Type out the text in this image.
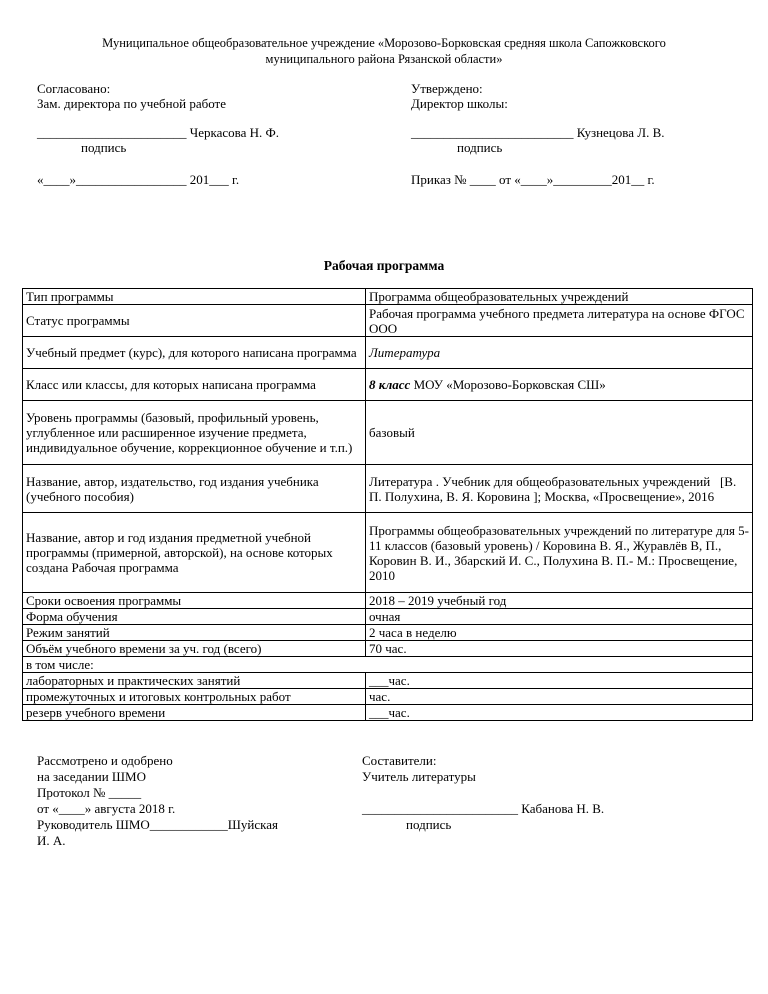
Муниципальное общеобразовательное учреждение «Морозово-Борковская средняя школа Сапожковского
муниципального района Рязанской области»
Согласовано:
Зам. директора по учебной работе
_______________________ Черкасова Н. Ф.
подпись
«____»_________________ 201___ г.
Утверждено:
Директор школы:
_________________________ Кузнецова Л. В.
подпись
Приказ № ____ от «____»_________201__ г.
Рабочая программа
Тип программы	Программа общеобразовательных учреждений
Статус программы	Рабочая программа учебного предмета литература на основе ФГОС ООО
Учебный предмет (курс), для которого написана программа	Литература
Класс или классы, для которых написана программа	8 класс МОУ «Морозово-Борковская СШ»
Уровень программы (базовый, профильный уровень, углубленное или расширенное изучение предмета, индивидуальное обучение, коррекционное обучение и т.п.)	базовый
Название, автор, издательство, год издания учебника (учебного пособия)	Литература . Учебник для общеобразовательных учреждений   [В. П. Полухина, В. Я. Коровина ]; Москва, «Просвещение», 2016
Название, автор и год издания предметной учебной программы (примерной, авторской), на основе которых создана Рабочая программа	Программы общеобразовательных учреждений по литературе для 5-11 классов (базовый уровень) / Коровина В. Я., Журавлёв В, П., Коровин В. И., Збарский И. С., Полухина В. П.- М.: Просвещение, 2010
Сроки освоения программы	2018 – 2019 учебный год
Форма обучения	очная
Режим занятий	2 часа в неделю
Объём учебного времени за уч. год (всего)	70 час.
в том числе:	
лабораторных и практических занятий	___час.
промежуточных и итоговых контрольных работ	час.
резерв учебного времени	___час.
Рассмотрено и одобрено
на заседании ШМО
Протокол № _____
от «____» августа 2018 г.
Руководитель ШМО____________Шуйская
И. А.
Составители:
Учитель литературы
________________________ Кабанова Н. В.
подпись
